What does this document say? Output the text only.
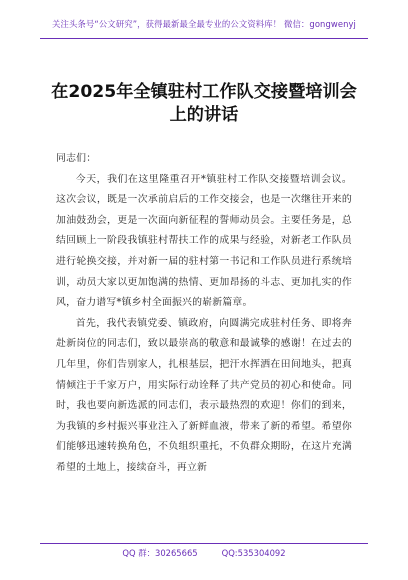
关注头条号“公文研究”，获得最新最全最专业的公文资料库！ 微信：gongwenyj
在2025年全镇驻村工作队交接暨培训会上的讲话

同志们：

今天，我们在这里隆重召开*镇驻村工作队交接暨培训会议。这次会议，既是一次承前启后的工作交接会，也是一次继往开来的加油鼓劲会，更是一次面向新征程的誓师动员会。主要任务是，总结回顾上一阶段我镇驻村帮扶工作的成果与经验，对新老工作队员进行轮换交接，并对新一届的驻村第一书记和工作队员进行系统培训，动员大家以更加饱满的热情、更加昂扬的斗志、更加扎实的作风，奋力谱写*镇乡村全面振兴的崭新篇章。

首先，我代表镇党委、镇政府，向圆满完成驻村任务、即将奔赴新岗位的同志们，致以最崇高的敬意和最诚挚的感谢！在过去的几年里，你们告别家人，扎根基层，把汗水挥洒在田间地头，把真情倾注于千家万户，用实际行动诠释了共产党员的初心和使命。同时，我也要向新选派的同志们，表示最热烈的欢迎！你们的到来，为我镇的乡村振兴事业注入了新鲜血液，带来了新的希望。希望你们能够迅速转换角色，不负组织重托，不负群众期盼，在这片充满希望的土地上，接续奋斗，再立新

QQ 群：30265665	QQ:535304092
